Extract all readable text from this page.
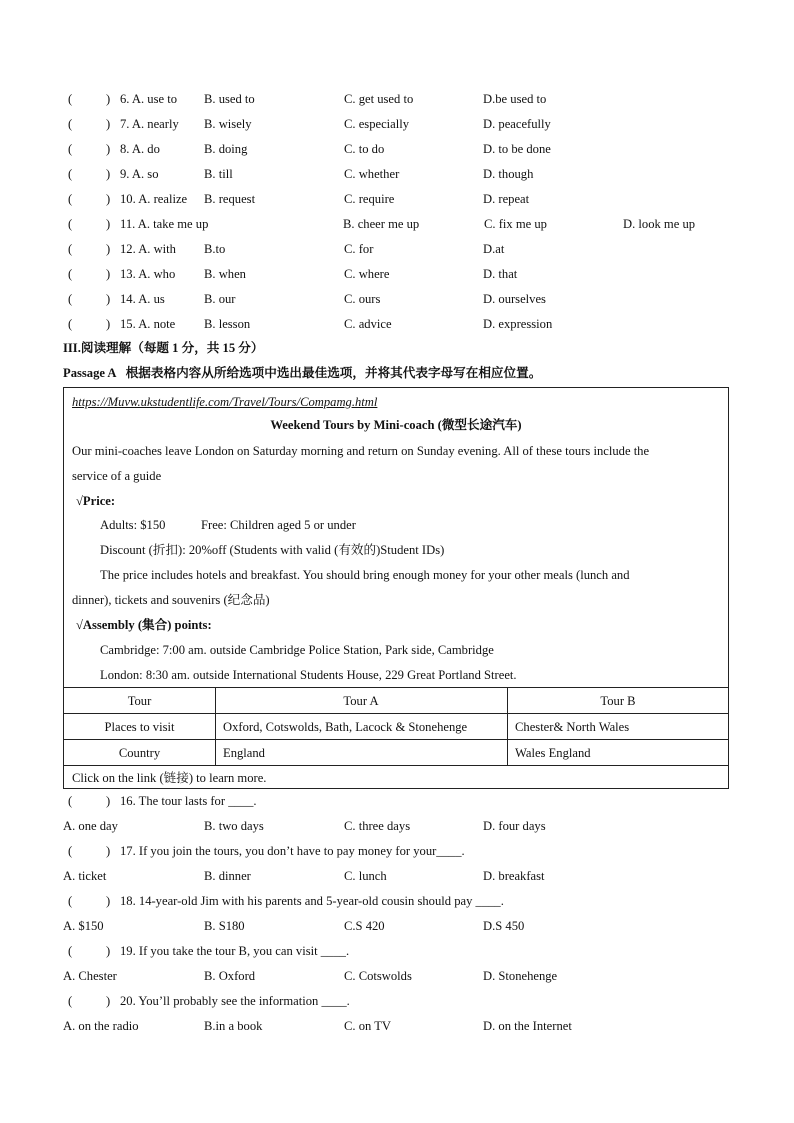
(	) 6. A. use to B. used to	C. get used to	D.be used to
(	) 7. A. nearly B. wisely	C. especially	D. peacefully
(	) 8. A. do	B. doing	C. to do	D. to be done
(	) 9. A. so	B. till	C. whether	D. though
(	) 10. A. realize B. request	C. require	D. repeat
(	) 11. A. take me up	B. cheer me up	C. fix me up	D. look me up
(	) 12. A. with B.to	C. for	D.at
(	) 13. A. who B. when	C. where	D. that
(	) 14. A. us	B. our	C. ours	D. ourselves
(	) 15. A. note B. lesson	C. advice	D. expression
III.阅读理解（每题 1 分，共 15 分）
Passage A 根据表格内容从所给选项中选出最佳选项，并将其代表字母写在相应位置。
https://Muvw.ukstudentlife.com/Travel/Tours/Compamg.html
Weekend Tours by Mini-coach (微型长途汽车)
Our mini-coaches leave London on Saturday morning and return on Sunday evening. All of these tours include the
service of a guide
√Price:
Adults: $150	Free: Children aged 5 or under
Discount (折扣): 20%off (Students with valid (有效的)Student IDs)
The price includes hotels and breakfast. You should bring enough money for your other meals (lunch and
dinner), tickets and souvenirs (纪念品)
√Assembly (集合) points:
Cambridge: 7:00 am. outside Cambridge Police Station, Park side, Cambridge
London: 8:30 am. outside International Students House, 229 Great Portland Street.
Tour	Tour A	Tour B
Places to visit	Oxford, Cotswolds, Bath, Lacock & Stonehenge	Chester& North Wales
Country	England	Wales England
Click on the link (链接) to learn more.
(	) 16. The tour lasts for ____.
A. one day	B. two days	C. three days	D. four days
(	) 17. If you join the tours, you don’t have to pay money for your____.
A. ticket	B. dinner	C. lunch	D. breakfast
(	) 18. 14-year-old Jim with his parents and 5-year-old cousin should pay ____.
A. $150	B. S180	C.S 420	D.S 450
(	) 19. If you take the tour B, you can visit ____.
A. Chester	B. Oxford	C. Cotswolds	D. Stonehenge
(	) 20. You’ll probably see the information ____.
A. on the radio	B.in a book	C. on TV	D. on the Internet
